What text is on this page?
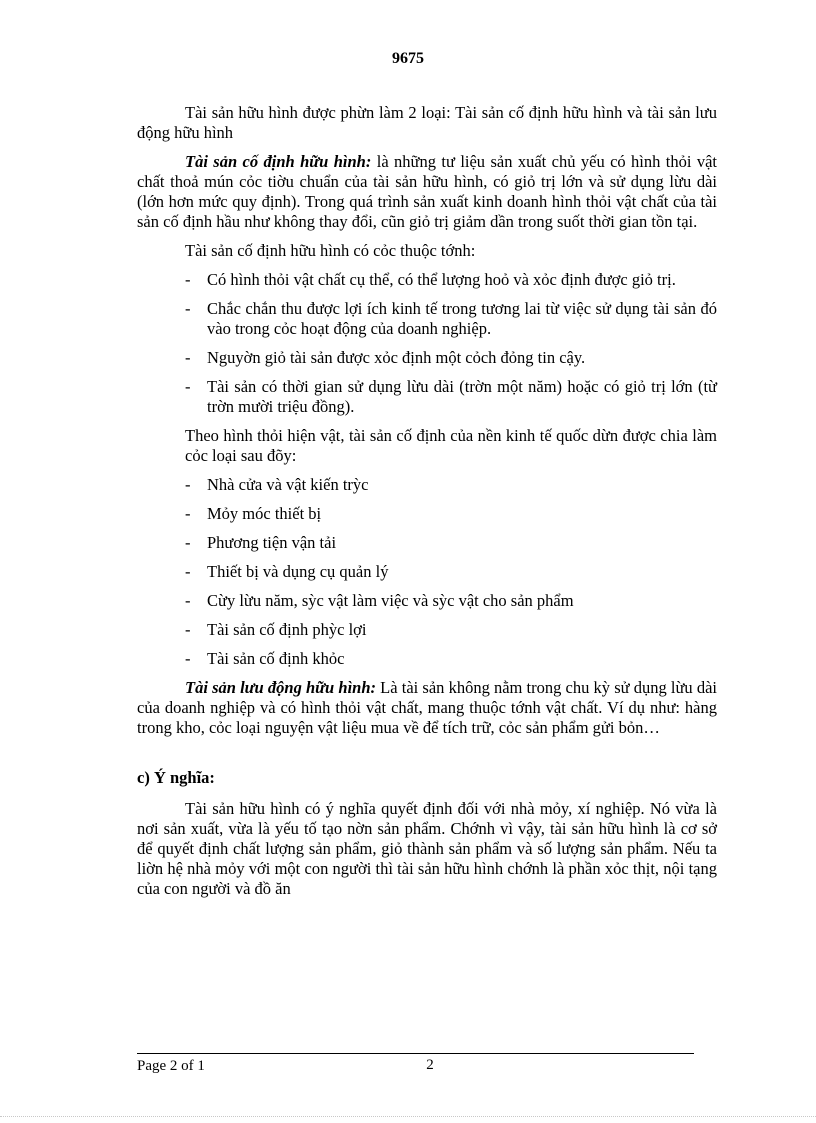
9675

Tài sản hữu hình được phừn làm 2 loại: Tài sản cố định hữu hình và tài sản lưu động hữu hình

Tài sản cố định hữu hình: là những tư liệu sản xuất chủ yếu có hình thỏi vật chất thoả mún cỏc tiờu chuẩn của tài sản hữu hình, có giỏ trị lớn và sử dụng lừu dài (lớn hơn mức quy định). Trong quá trình sản xuất kinh doanh hình thỏi vật chất của tài sản cố định hầu như không thay đổi, cũn giỏ trị giảm dần trong suốt thời gian tồn tại.

Tài sản cố định hữu hình có cỏc thuộc tớnh:

- Có hình thỏi vật chất cụ thể, có thể lượng hoỏ và xỏc định được giỏ trị.
- Chắc chắn thu được lợi ích kinh tế trong tương lai từ việc sử dụng tài sản đó vào trong cỏc hoạt động của doanh nghiệp.
- Nguyờn giỏ tài sản được xỏc định một cỏch đỏng tin cậy.
- Tài sản có thời gian sử dụng lừu dài (trờn một năm) hoặc có giỏ trị lớn (từ trờn mười triệu đồng).

Theo hình thỏi hiện vật, tài sản cố định của nền kinh tế quốc dừn được chia làm cỏc loại sau đõy:

- Nhà cửa và vật kiến trỳc
- Mỏy móc thiết bị
- Phương tiện vận tải
- Thiết bị và dụng cụ quản lý
- Cừy lừu năm, sỳc vật làm việc và sỳc vật cho sản phẩm
- Tài sản cố định phỳc lợi
- Tài sản cố định khỏc

Tài sản lưu động hữu hình: Là tài sản không nằm trong chu kỳ sử dụng lừu dài của doanh nghiệp và có hình thỏi vật chất, mang thuộc tớnh vật chất. Ví dụ như: hàng trong kho, cỏc loại nguyện vật liệu mua về để tích trữ, cỏc sản phẩm gửi bỏn…

c) Ý nghĩa:

Tài sản hữu hình có ý nghĩa quyết định đối với nhà mỏy, xí nghiệp. Nó vừa là nơi sản xuất, vừa là yếu tố tạo nờn sản phẩm. Chớnh vì vậy, tài sản hữu hình là cơ sở để quyết định chất lượng sản phẩm, giỏ thành sản phẩm và số lượng sản phẩm. Nếu ta liờn hệ nhà mỏy với một con người thì tài sản hữu hình chớnh là phần xỏc thịt, nội tạng của con người và đồ ăn

Page 2 of 1	2
